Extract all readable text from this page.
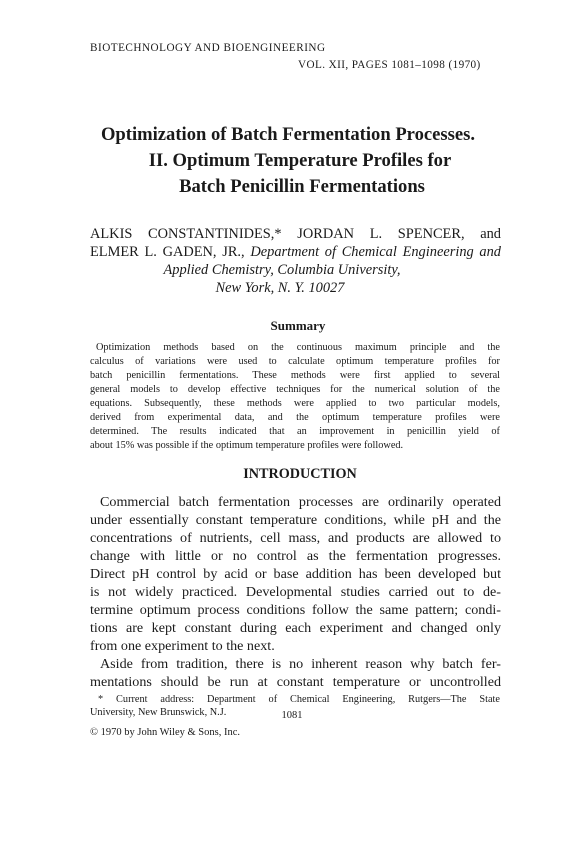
BIOTECHNOLOGY AND BIOENGINEERING
VOL. XII, PAGES 1081–1098 (1970)
Optimization of Batch Fermentation Processes.
II. Optimum Temperature Profiles for
Batch Penicillin Fermentations
ALKIS CONSTANTINIDES,* JORDAN L. SPENCER, and
ELMER L. GADEN, JR., Department of Chemical Engineering and
Applied Chemistry, Columbia University,
New York, N. Y. 10027
Summary
Optimization methods based on the continuous maximum principle and the
calculus of variations were used to calculate optimum temperature profiles for
batch penicillin fermentations. These methods were first applied to several
general models to develop effective techniques for the numerical solution of the
equations. Subsequently, these methods were applied to two particular models,
derived from experimental data, and the optimum temperature profiles were
determined. The results indicated that an improvement in penicillin yield of
about 15% was possible if the optimum temperature profiles were followed.
INTRODUCTION
Commercial batch fermentation processes are ordinarily operated
under essentially constant temperature conditions, while pH and the
concentrations of nutrients, cell mass, and products are allowed to
change with little or no control as the fermentation progresses.
Direct pH control by acid or base addition has been developed but
is not widely practiced. Developmental studies carried out to de-
termine optimum process conditions follow the same pattern; condi-
tions are kept constant during each experiment and changed only
from one experiment to the next.
Aside from tradition, there is no inherent reason why batch fer-
mentations should be run at constant temperature or uncontrolled
* Current address: Department of Chemical Engineering, Rutgers—The State
University, New Brunswick, N.J.	1081
© 1970 by John Wiley & Sons, Inc.
